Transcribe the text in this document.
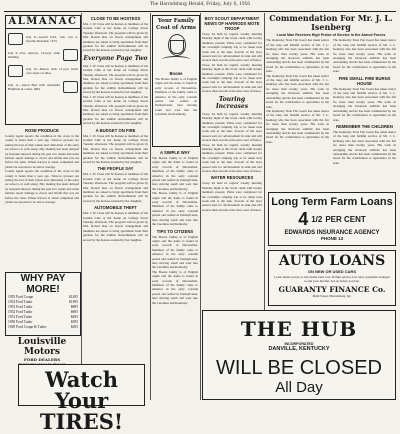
The Harrodsburg Herald, Friday, July 6, 1956
ALMANAC
July 8—Gerald Ford, who was to become President, 1913.
July 9—Fire destroys 14-story bank building.
July 10—Detroit ends 12-year battle over street car lines.
July 11—Aaron Burr kills Alexander Hamilton in a duel, 1804.
ROSE PRODUCE
County Agent reports the condition of the crops in the county is better than a year ago. Tobacco growers are setting the last of their plants and cultivation of the early set tobacco is well along. Hay making has been delayed by frequent showers during the past two weeks and some farmers report damage to clover and alfalfa that was cut before the rains. Wheat harvest is about completed and yields are reported to be above average.
County Agent reports the condition of the crops in the county is better than a year ago. Tobacco growers are setting the last of their plants and cultivation of the early set tobacco is well along. Hay making has been delayed by frequent showers during the past two weeks and some farmers report damage to clover and alfalfa that was cut before the rains. Wheat harvest is about completed and yields are reported to be above average.
WHY PAY MORE!
1955 Ford Coupe	$1495
1954 Ford Tudor	$1095
1953 Ford Tudor	$895
1952 Ford Tudor	$695
1951 Ford Tudor	$495
1950 Ford Tudor	$395
1949 Ford Coupe & Tudor	$295
Louisville Motors
FORD DEALERS
Watch Your
TIRES!
CLOSE TO BE HOSTESS
Mrs. J. W. Close will be hostess to members of the Garden Club at her home on College Street Tuesday afternoon. The program will be given by Mrs. Robert Rue on flower arrangement and members are asked to bring specimens from their gardens for the exhibit. Refreshments will be served by the hostess assisted by her daughter.
Everyone Page Two
Mrs. J. W. Close will be hostess to members of the Garden Club at her home on College Street Tuesday afternoon. The program will be given by Mrs. Robert Rue on flower arrangement and members are asked to bring specimens from their gardens for the exhibit. Refreshments will be served by the hostess assisted by her daughter.
Mrs. J. W. Close will be hostess to members of the Garden Club at her home on College Street Tuesday afternoon. The program will be given by Mrs. Robert Rue on flower arrangement and members are asked to bring specimens from their gardens for the exhibit. Refreshments will be served by the hostess assisted by her daughter.
A BUDGET ON FIRE
Mrs. J. W. Close will be hostess to members of the Garden Club at her home on College Street Tuesday afternoon. The program will be given by Mrs. Robert Rue on flower arrangement and members are asked to bring specimens from their gardens for the exhibit. Refreshments will be served by the hostess assisted by her daughter.
THE PEOPLE SAY
Mrs. J. W. Close will be hostess to members of the Garden Club at her home on College Street Tuesday afternoon. The program will be given by Mrs. Robert Rue on flower arrangement and members are asked to bring specimens from their gardens for the exhibit. Refreshments will be served by the hostess assisted by her daughter.
AUTOMOBILE THEFT
Mrs. J. W. Close will be hostess to members of the Garden Club at her home on College Street Tuesday afternoon. The program will be given by Mrs. Robert Rue on flower arrangement and members are asked to bring specimens from their gardens for the exhibit. Refreshments will be served by the hostess assisted by her daughter.
Your Family Coat of Arms
Boone
The Boone family is of English origin and the name is found in early records of Devonshire. Members of the family came to America in the early colonial period and settled in Pennsylvania, later moving south and west into the Carolinas and Kentucky.
A SIMPLE WAY
The Boone family is of English origin and the name is found in early records of Devonshire. Members of the family came to America in the early colonial period and settled in Pennsylvania, later moving south and west into the Carolinas and Kentucky.
The Boone family is of English origin and the name is found in early records of Devonshire. Members of the family came to America in the early colonial period and settled in Pennsylvania, later moving south and west into the Carolinas and Kentucky.
TIPS TO CITIZENS
The Boone family is of English origin and the name is found in early records of Devonshire. Members of the family came to America in the early colonial period and settled in Pennsylvania, later moving south and west into the Carolinas and Kentucky.
The Boone family is of English origin and the name is found in early records of Devonshire. Members of the family came to America in the early colonial period and settled in Pennsylvania, later moving south and west into the Carolinas and Kentucky.
BOY SCOUT DEPARTMENT NEWS OF HARRODS MOTE TROOP
Troop 64 held its regular weekly meeting Monday night at the Scout cabin with twenty members present. Plans were completed for the overnight camping trip to be taken next week end at the lake. Several of the boys passed tests for advancement in rank and will receive their awards at the next court of honor.
Troop 64 held its regular weekly meeting Monday night at the Scout cabin with twenty members present. Plans were completed for the overnight camping trip to be taken next week end at the lake. Several of the boys passed tests for advancement in rank and will receive their awards at the next court of honor.
Touring Increases
Troop 64 held its regular weekly meeting Monday night at the Scout cabin with twenty members present. Plans were completed for the overnight camping trip to be taken next week end at the lake. Several of the boys passed tests for advancement in rank and will receive their awards at the next court of honor.
Troop 64 held its regular weekly meeting Monday night at the Scout cabin with twenty members present. Plans were completed for the overnight camping trip to be taken next week end at the lake. Several of the boys passed tests for advancement in rank and will receive their awards at the next court of honor.
WATER RESOURCES
Troop 64 held its regular weekly meeting Monday night at the Scout cabin with twenty members present. Plans were completed for the overnight camping trip to be taken next week end at the lake. Several of the boys passed tests for advancement in rank and will receive their awards at the next court of honor.
Commendation For Mr. J. L. Isenberg
Local Man Receives High Praise of Service in the Armed Forces
The Kentucky State Fair board has taken notice of the long and faithful service of Mr. J. L. Isenberg who has been associated with the fair for more than twenty years. His work in arranging the livestock exhibits has been outstanding and he has been commended by the board for his contribution to agriculture in the state.
The Kentucky State Fair board has taken notice of the long and faithful service of Mr. J. L. Isenberg who has been associated with the fair for more than twenty years. His work in arranging the livestock exhibits has been outstanding and he has been commended by the board for his contribution to agriculture in the state.
The Kentucky State Fair board has taken notice of the long and faithful service of Mr. J. L. Isenberg who has been associated with the fair for more than twenty years. His work in arranging the livestock exhibits has been outstanding and he has been commended by the board for his contribution to agriculture in the state.
The Kentucky State Fair board has taken notice of the long and faithful service of Mr. J. L. Isenberg who has been associated with the fair for more than twenty years. His work in arranging the livestock exhibits has been outstanding and he has been commended by the board for his contribution to agriculture in the state.
FIRE SMALL FIRE BURNS HOUSE
The Kentucky State Fair board has taken notice of the long and faithful service of Mr. J. L. Isenberg who has been associated with the fair for more than twenty years. His work in arranging the livestock exhibits has been outstanding and he has been commended by the board for his contribution to agriculture in the state.
REMEMBER THE CHILDREN
The Kentucky State Fair board has taken notice of the long and faithful service of Mr. J. L. Isenberg who has been associated with the fair for more than twenty years. His work in arranging the livestock exhibits has been outstanding and he has been commended by the board for his contribution to agriculture in the state.
Long Term Farm Loans
4 1/2 PER CENT
EDWARDS INSURANCE AGENCY
PHONE 13
AUTO LOANS
ON NEW OR USED CARS
Loans made on new or late model used cars. Prompt service, low rates, payments arranged to suit your income. See us before you buy.
GUARANTY FINANCE Co.
Main Street, Harrodsburg, Ky.
THE HUB
INCORPORATED
DANVILLE, KENTUCKY
WILL BE CLOSED
All Day
